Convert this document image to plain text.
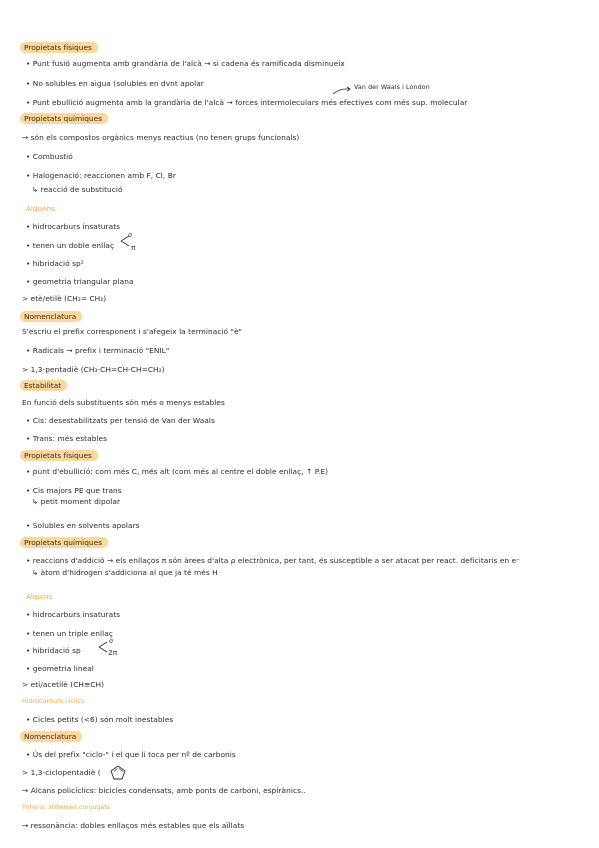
Propietats físiques
• Punt fusió augmenta amb grandària de l'alcà → si cadena és ramificada disminueix
• No solubles en aigua (solubles en dvnt apolar	Van der Waals i London
• Punt ebullició augmenta amb la grandària de l'alcà → forces intermoleculars més efectives com més sup. molecular
Propietats químiques
→ són els compostos orgànics menys reactius (no tenen grups funcionals)
• Combustió
• Halogenació: reaccionen amb F, Cl, Br
↳ reacció de substitució
Alquens
• hidrocarburs insaturats
• tenen un doble enllaç
σ
π
• hibridació sp²
• geometria triangular plana
> etè/etilè (CH₂= CH₂)
Nomenclatura
S'escriu el prefix corresponent i s'afegeix la terminació "è"
• Radicals → prefix i terminació "ENIL"
> 1,3-pentadiè (CH₃-CH=CH-CH=CH₂)
Estabilitat
En funció dels substituents són més o menys estables
• Cis: desestabilitzats per tensió de Van der Waals
• Trans: més estables
Propietats físiques
• punt d'ebullició: com més C, més alt (com més al centre el doble enllaç, ↑ P.E)
• Cis majors PE que trans
↳ petit moment dipolar
• Solubles en solvents apolars
Propietats químiques
• reaccions d'addició → els enllaços π són àrees d'alta ρ electrònica, per tant, és susceptible a ser atacat per react. deficitaris en e⁻
↳ àtom d'hidrogen s'addiciona al que ja té més H
Alquins
• hidrocarburs insaturats
• tenen un triple enllaç
• hibridació sp
σ
2π
• geometria lineal
> etí/acetilè (CH≡CH)
Hidrocarburs cíclics
• Cicles petits (<6) són molt inestables
Nomenclatura
• Ús del prefix "ciclo-" i el que li toca per nº de carbonis
> 1,3-ciclopentadiè (
→ Alcans policíclics: bicicles condensats, amb ponts de carboni, espirànics..
Poliens: sistemes conjugats
→ ressonància: dobles enllaços més estables que els aïllats
